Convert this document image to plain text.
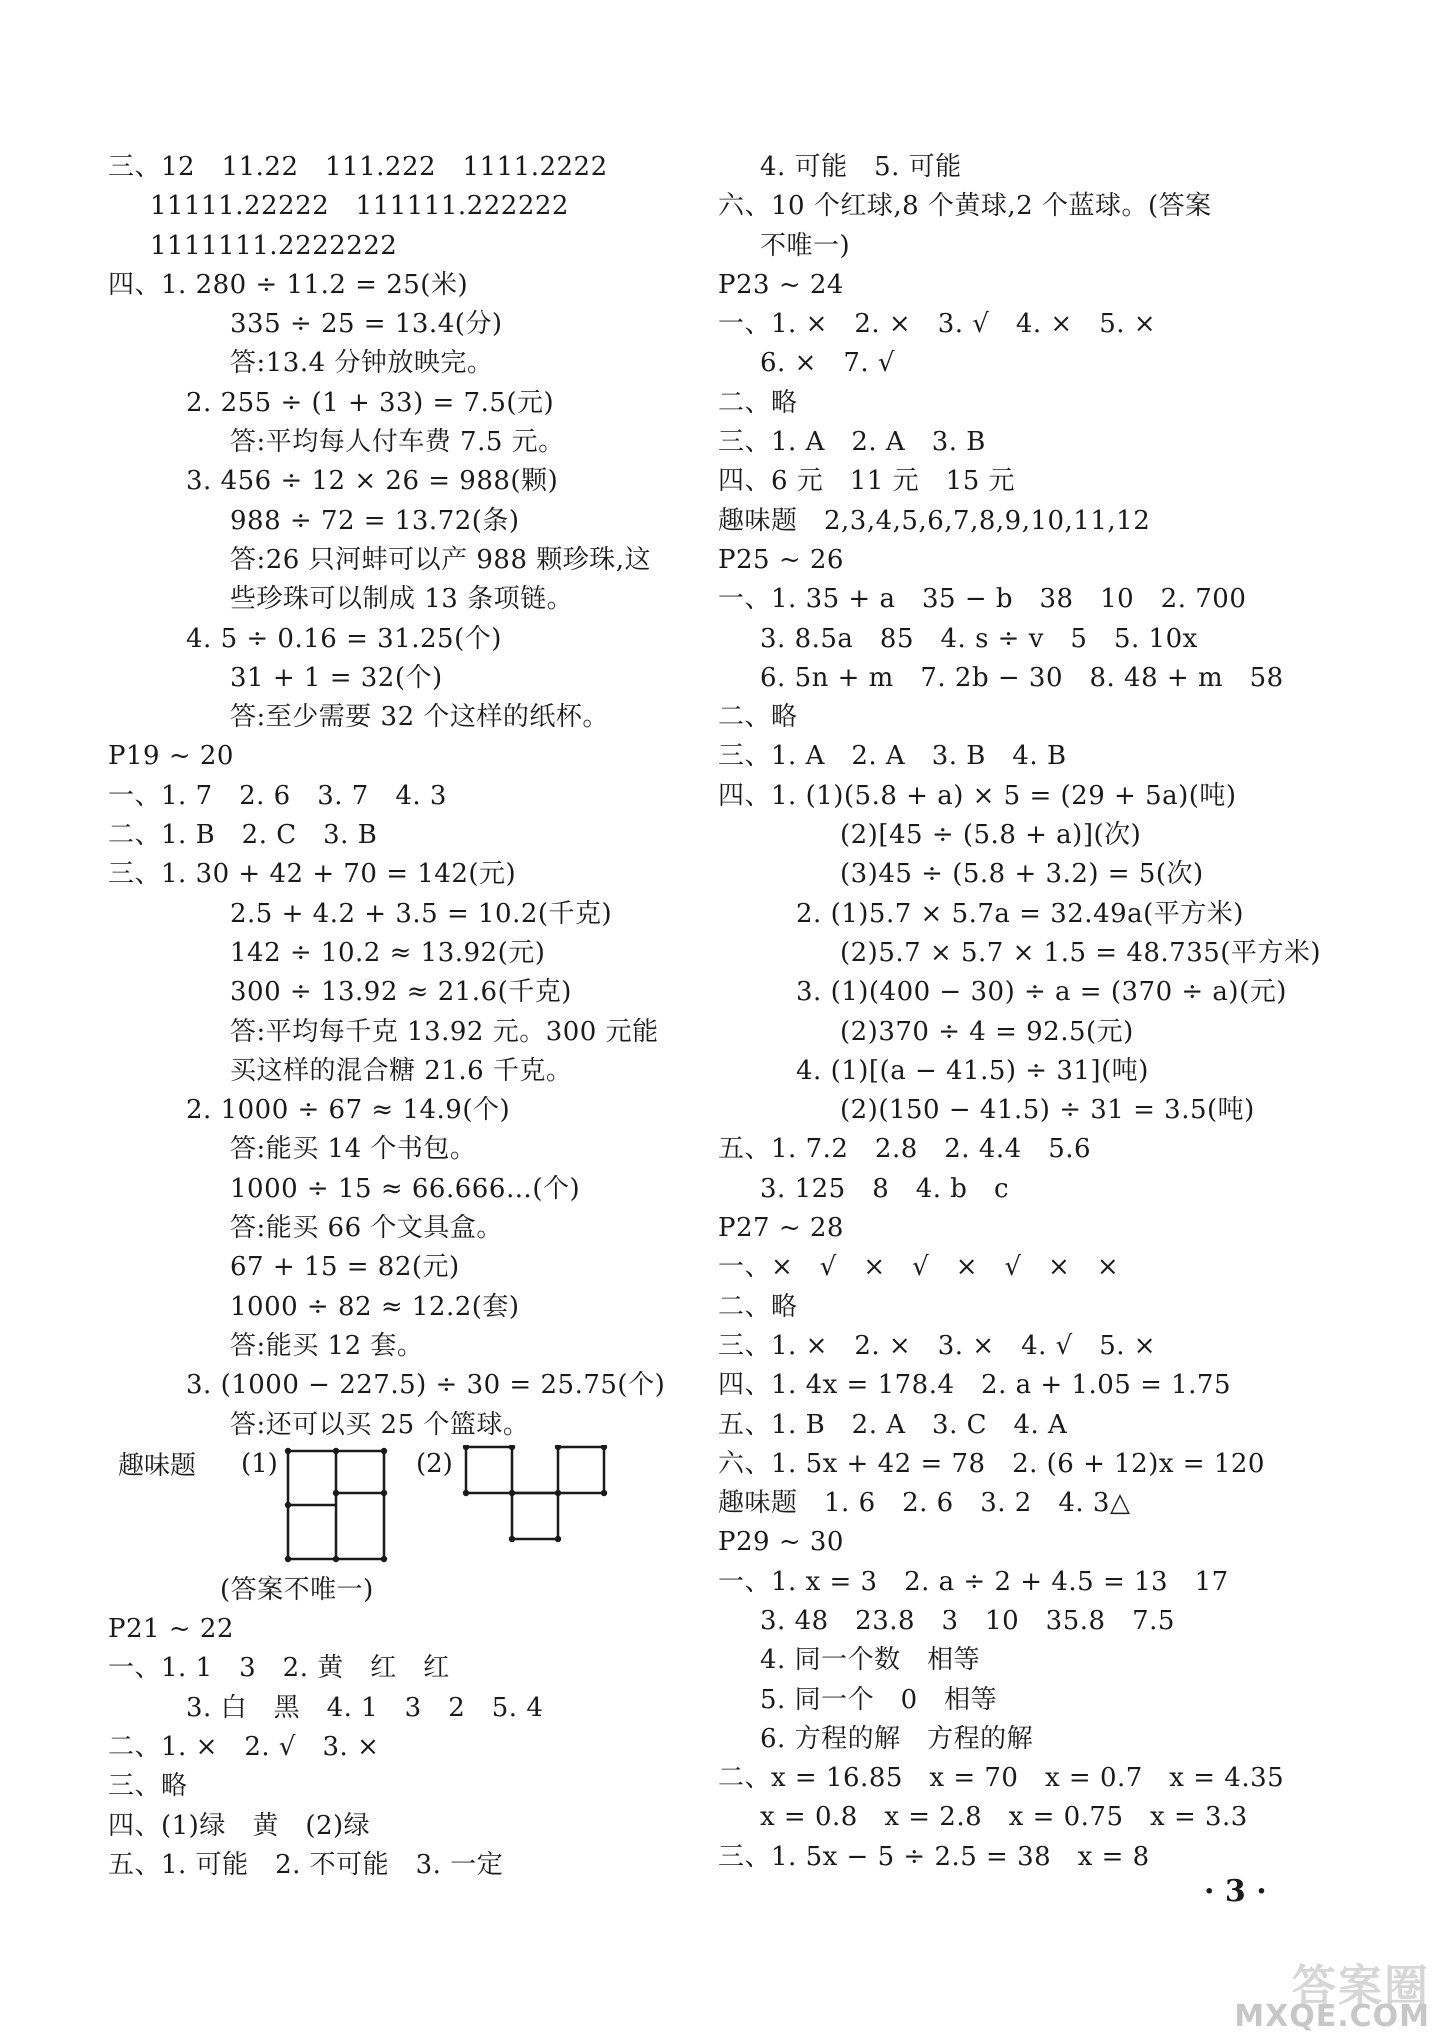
三、12　11.22　111.222　1111.2222
11111.22222　111111.222222
1111111.2222222
四、1. 280 ÷ 11.2 = 25(米)
335 ÷ 25 = 13.4(分)
答:13.4 分钟放映完。
2. 255 ÷ (1 + 33) = 7.5(元)
答:平均每人付车费 7.5 元。
3. 456 ÷ 12 × 26 = 988(颗)
988 ÷ 72 = 13.72(条)
答:26 只河蚌可以产 988 颗珍珠,这
些珍珠可以制成 13 条项链。
4. 5 ÷ 0.16 = 31.25(个)
31 + 1 = 32(个)
答:至少需要 32 个这样的纸杯。
P19 ~ 20
一、1. 7　2. 6　3. 7　4. 3
二、1. B　2. C　3. B
三、1. 30 + 42 + 70 = 142(元)
2.5 + 4.2 + 3.5 = 10.2(千克)
142 ÷ 10.2 ≈ 13.92(元)
300 ÷ 13.92 ≈ 21.6(千克)
答:平均每千克 13.92 元。300 元能
买这样的混合糖 21.6 千克。
2. 1000 ÷ 67 ≈ 14.9(个)
答:能买 14 个书包。
1000 ÷ 15 ≈ 66.666…(个)
答:能买 66 个文具盒。
67 + 15 = 82(元)
1000 ÷ 82 ≈ 12.2(套)
答:能买 12 套。
3. (1000 − 227.5) ÷ 30 = 25.75(个)
答:还可以买 25 个篮球。
趣味题 (1)	(2)
(答案不唯一)
P21 ~ 22
一、1. 1　3　2. 黄　红　红
3. 白　黑　4. 1　3　2　5. 4
二、1. ×　2. √　3. ×
三、略
四、(1)绿　黄　(2)绿
五、1. 可能　2. 不可能　3. 一定
4. 可能　5. 可能
六、10 个红球,8 个黄球,2 个蓝球。(答案
不唯一)
P23 ~ 24
一、1. ×　2. ×　3. √　4. ×　5. ×
6. ×　7. √
二、略
三、1. A　2. A　3. B
四、6 元　11 元　15 元
趣味题　2,3,4,5,6,7,8,9,10,11,12
P25 ~ 26
一、1. 35 + a　35 − b　38　10　2. 700
3. 8.5a　85　4. s ÷ v　5　5. 10x
6. 5n + m　7. 2b − 30　8. 48 + m　58
二、略
三、1. A　2. A　3. B　4. B
四、1. (1)(5.8 + a) × 5 = (29 + 5a)(吨)
(2)[45 ÷ (5.8 + a)](次)
(3)45 ÷ (5.8 + 3.2) = 5(次)
2. (1)5.7 × 5.7a = 32.49a(平方米)
(2)5.7 × 5.7 × 1.5 = 48.735(平方米)
3. (1)(400 − 30) ÷ a = (370 ÷ a)(元)
(2)370 ÷ 4 = 92.5(元)
4. (1)[(a − 41.5) ÷ 31](吨)
(2)(150 − 41.5) ÷ 31 = 3.5(吨)
五、1. 7.2　2.8　2. 4.4　5.6
3. 125　8　4. b　c
P27 ~ 28
一、×　√　×　√　×　√　×　×
二、略
三、1. ×　2. ×　3. ×　4. √　5. ×
四、1. 4x = 178.4　2. a + 1.05 = 1.75
五、1. B　2. A　3. C　4. A
六、1. 5x + 42 = 78　2. (6 + 12)x = 120
趣味题　1. 6　2. 6　3. 2　4. 3△
P29 ~ 30
一、1. x = 3　2. a ÷ 2 + 4.5 = 13　17
3. 48　23.8　3　10　35.8　7.5
4. 同一个数　相等
5. 同一个　0　相等
6. 方程的解　方程的解
二、x = 16.85　x = 70　x = 0.7　x = 4.35
x = 0.8　x = 2.8　x = 0.75　x = 3.3
三、1. 5x − 5 ÷ 2.5 = 38　x = 8
· 3 ·
答案圈
MXQE.COM
